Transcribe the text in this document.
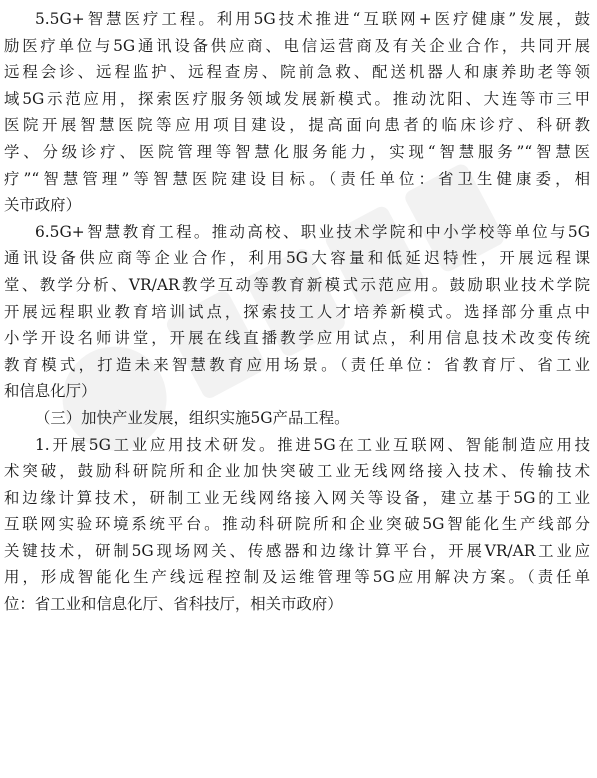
5.5G+智慧医疗工程。利用5G技术推进“互联网+医疗健康”发展，鼓
励医疗单位与5G通讯设备供应商、电信运营商及有关企业合作，共同开展
远程会诊、远程监护、远程查房、院前急救、配送机器人和康养助老等领
域5G示范应用，探索医疗服务领域发展新模式。推动沈阳、大连等市三甲
医院开展智慧医院等应用项目建设，提高面向患者的临床诊疗、科研教
学、分级诊疗、医院管理等智慧化服务能力，实现“智慧服务”“智慧医
疗”“智慧管理”等智慧医院建设目标。（责任单位：省卫生健康委，相
关市政府）
6.5G+智慧教育工程。推动高校、职业技术学院和中小学校等单位与5G
通讯设备供应商等企业合作，利用5G大容量和低延迟特性，开展远程课
堂、教学分析、VR/AR教学互动等教育新模式示范应用。鼓励职业技术学院
开展远程职业教育培训试点，探索技工人才培养新模式。选择部分重点中
小学开设名师讲堂，开展在线直播教学应用试点，利用信息技术改变传统
教育模式，打造未来智慧教育应用场景。（责任单位：省教育厅、省工业
和信息化厅）
（三）加快产业发展，组织实施5G产品工程。
1.开展5G工业应用技术研发。推进5G在工业互联网、智能制造应用技
术突破，鼓励科研院所和企业加快突破工业无线网络接入技术、传输技术
和边缘计算技术，研制工业无线网络接入网关等设备，建立基于5G的工业
互联网实验环境系统平台。推动科研院所和企业突破5G智能化生产线部分
关键技术，研制5G现场网关、传感器和边缘计算平台，开展VR/AR工业应
用，形成智能化生产线远程控制及运维管理等5G应用解决方案。（责任单
位：省工业和信息化厅、省科技厅，相关市政府）
